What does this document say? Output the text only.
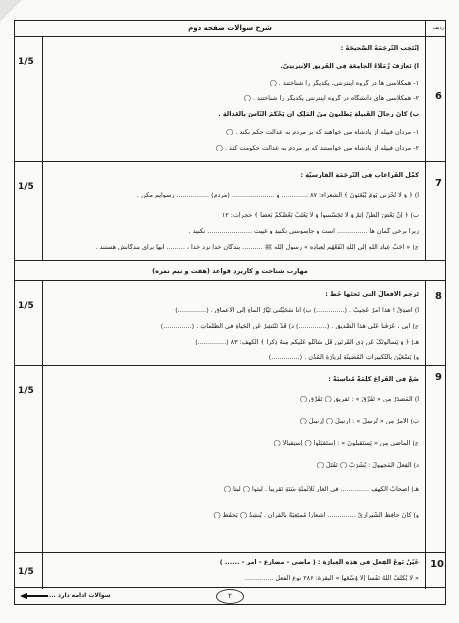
ردیف
شرح سوالات صفحه دوم
6
1/5
إنْتَخِبِ التَّرجَمَةَ الصَّحیحَةَ :
أ) تَعارَفَ زُمَلاءُ الجامِعَةِ فِي الفَریقِ الإنتِرنِتِيّ.
۱- همکلاسی ها در گروه اینترنتی، یکدیگر را شناختند . ◯
۲- همکلاسی های دانشگاه در گروه اینترنتی یکدیگر را شناختند . ◯
ب) کانَ رِجالُ القَبیلَةِ یَطْلُبونَ مِنَ المَلِکِ أن یَحْکُمَ النّاسَ بِالعَدالَةِ .
۱- مردان قبیله از پادشاه می خواهند که بر مردم به عدالت حکم بکند . ◯
۲- مردان قبیله از پادشاه می خواستند که بر مردم به عدالت حکومت کند . ◯
7
1/5
کَمِّلِ الفَراغاتِ فِي التَّرجَمَةِ الفارِسیَّةِ :
أ) ﴿ وَ لا تُخْزِني یَومَ یُبْعَثونَ ﴾ الشعراء: ۸۷ ............. و ..................... (مردم) ................ رسوایم مکن .
ب) ﴿ إنَّ بَعْضَ الظَّنِّ إثمٌ وَ لا تَجَسَّسوا وَ لا یَغْتَبْ بَعْضُکُمْ بَعضاً ﴾ حجرات: ۱۲
زیرا برخی گمان ها ............... است و جاسوسی نکنید و غیبت ...................... نکنید .
ج) « أحَبُّ عِبادِ اللهِ إلَی اللهِ أنْفَعُهُم لِعِبادِهِ » رسول الله ﷺ .......... بندگان خدا نزد خدا ، ......... آنها برای بندگانش هستند .
مهارت شناخت و کاربرد قواعد (هفت و نیم نمره)
8
1/5
تَرجِمِ الأفعالَ الَّتي تَحتَها خَطٌّ :
أ) أَصدِقُ ! هذا أمرٌ عَجیبٌ . (..............) ب) أنا سَحَبْتُني تَیّارُ الماءِ إلَی الأعماقِ . (..............)
ج) أبي ، عَرَفْنا عَلَی هذا الصَّدیقِ . (..............) د) قَدْ تَنْتَشِرُ عَنِ الحَیاةِ في الظُّلُماتِ . (..............)
هـ) ﴿ وَ یَسألونَکَ عَن ذِي القَرنَینِ قُل سَأتْلُو عَلَیکُم مِنهُ ذِکراً ﴾ الکهف: ۸۳ (..............)
و) یَسْعَیْنَ بِالتَّکبیراتِ المُضیئَةِ لِزیارَةِ المُدُنِ . (..............)
9
1/5
ضَعْ فِي الفَراغِ کَلِمَةً مُناسِبَةً :
أ) المَصدَرُ مِن « تَفَرَّقَ » : تَفریق ◯ تَفَرُّق ◯
ب) الأمرُ مِن « تُرسِلُ » : أرسِلْ ◯ إرسِلْ ◯
ج) الماضي مِن « یَستَقبِلونَ » : إستَقبَلوا ◯ إستِقبالاً ◯
د) الفِعلُ المَجهولُ : یُشْرَبُ ◯ تَفْتَلُ ◯
هـ) أصحابُ الکَهفِ .............. في الغارِ ثَلاثَمِئَةِ سَنَةٍ تَقریباً . لَبِثوا ◯ لَبِثا ◯
و) کانَ حافِظٌ الشّیرازيُّ .............. أشعاراً مُمتَعِیَةً بالقرآن . یُنشِدُ ◯ یَحفَظُ ◯
10
1/5
عَیِّنْ نَوعَ الفِعلِ في هذِهِ العِبارَةِ : ( ماضي - مضارع - امر - ...... )
« لا یُکَلِّفُ اللهُ نَفْساً إلّا وُسْعَها » البقرة: ۲۸۶ نوع الفعل ..............
سوالات ادامه دارد ...	۲
